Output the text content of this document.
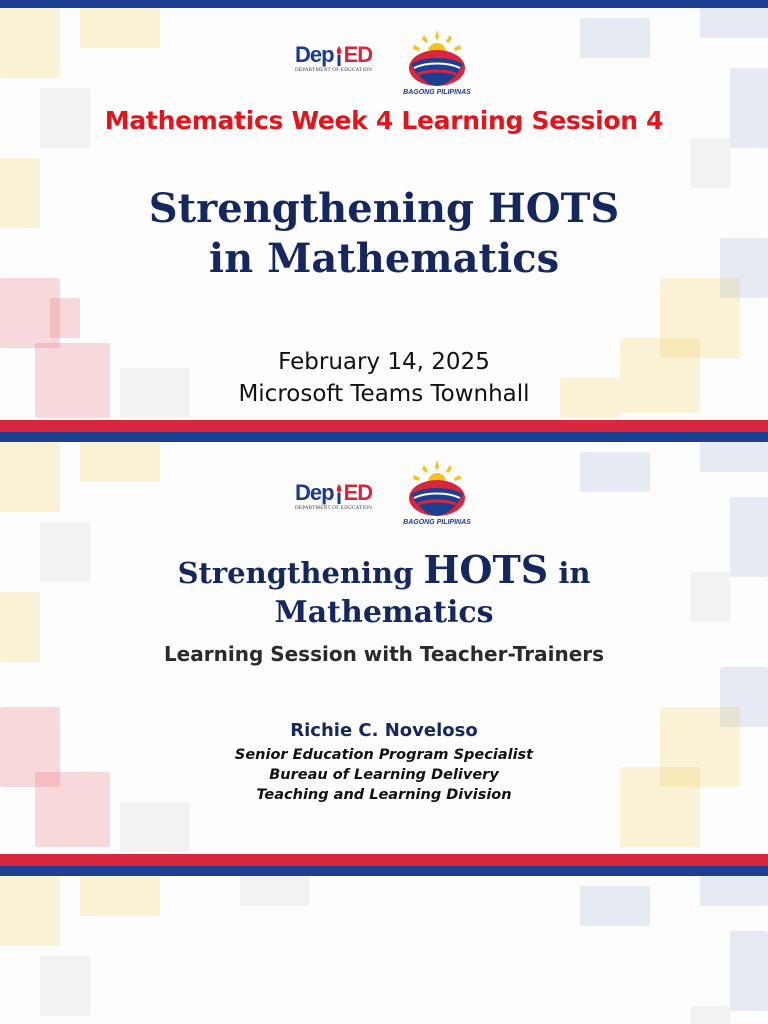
Dep ED
DEPARTMENT OF EDUCATION
BAGONG PILIPINAS
Mathematics Week 4 Learning Session 4
Strengthening HOTS
in Mathematics
February 14, 2025
Microsoft Teams Townhall
Dep ED
DEPARTMENT OF EDUCATION
BAGONG PILIPINAS
Strengthening HOTS in
Mathematics
Learning Session with Teacher-Trainers
Richie C. Noveloso
Senior Education Program Specialist
Bureau of Learning Delivery
Teaching and Learning Division
